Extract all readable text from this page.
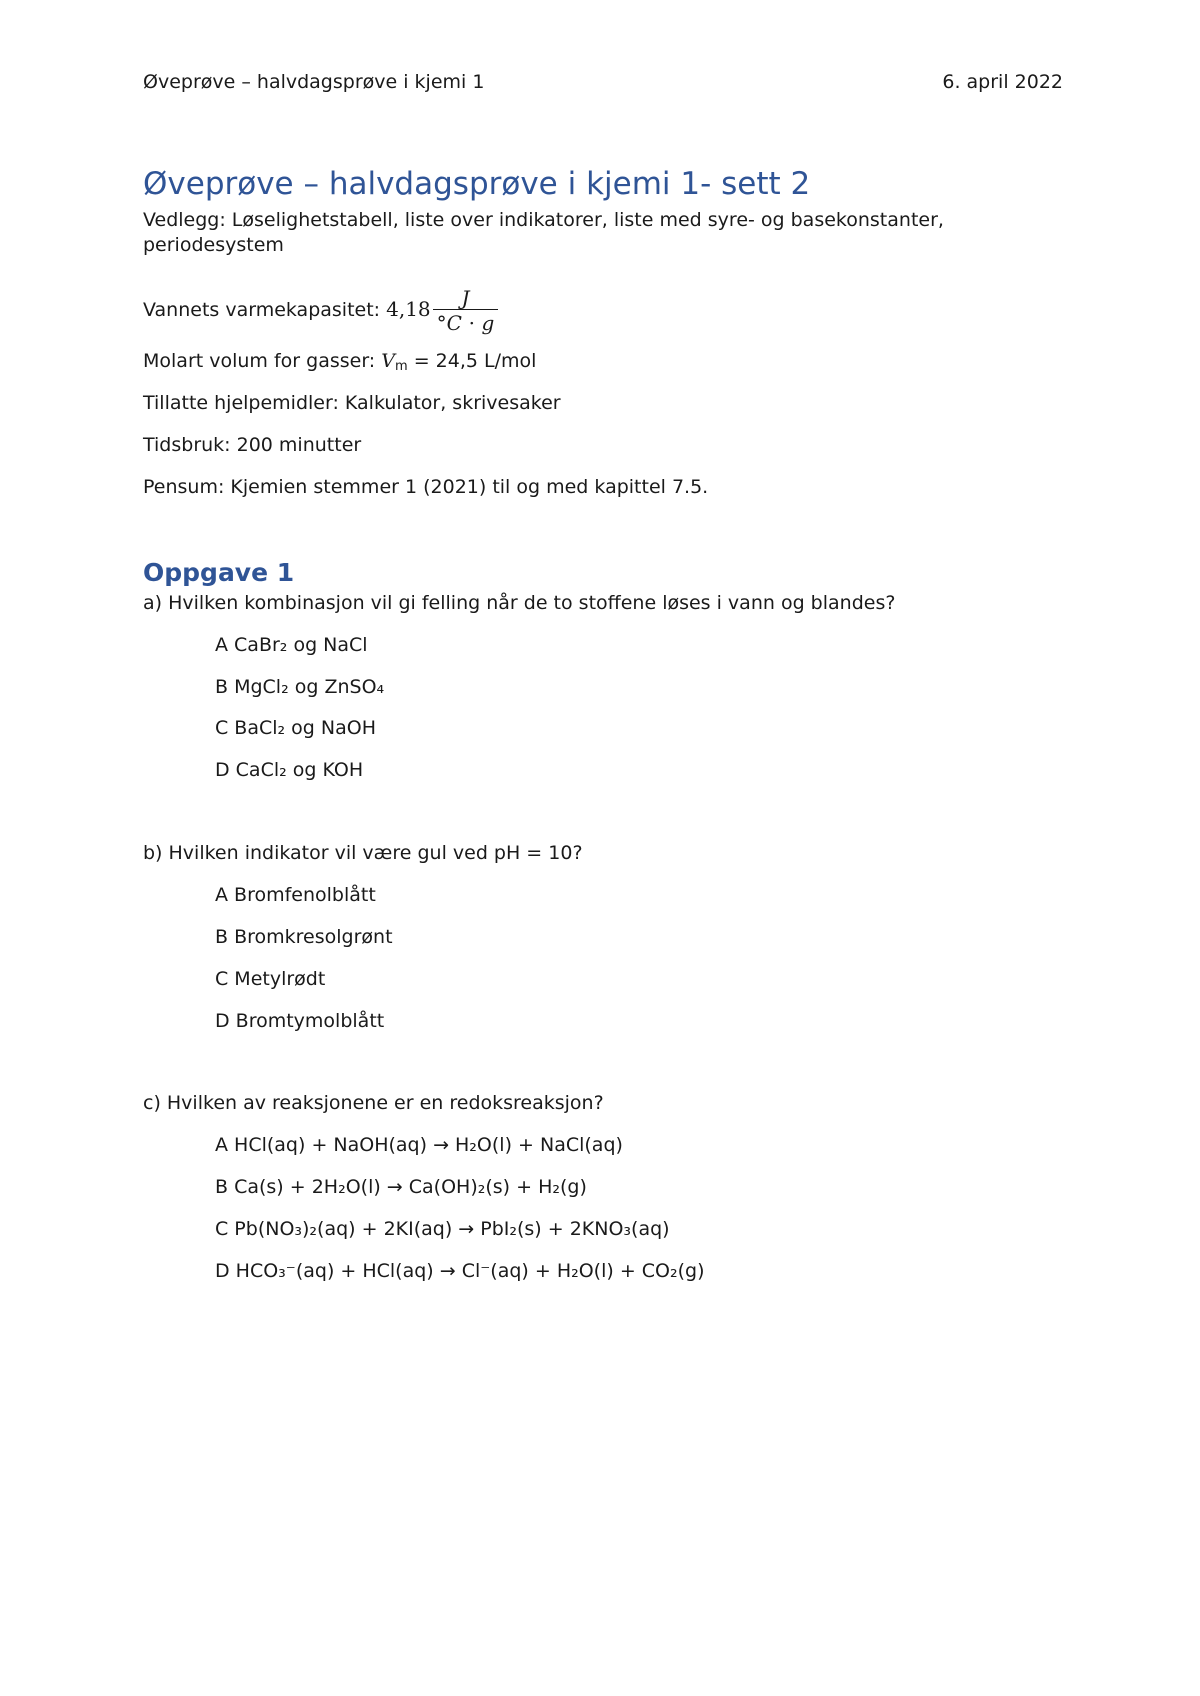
Øveprøve – halvdagsprøve i kjemi 1	6. april 2022
Øveprøve – halvdagsprøve i kjemi 1- sett 2
Vedlegg: Løselighetstabell, liste over indikatorer, liste med syre- og basekonstanter, periodesystem
Vannets varmekapasitet: $4,18 \frac{J}{^\circ C \cdot g}$
Molart volum for gasser: $V_m = 24,5$ L/mol
Tillatte hjelpemidler: Kalkulator, skrivesaker
Tidsbruk: 200 minutter
Pensum: Kjemien stemmer 1 (2021) til og med kapittel 7.5.
Oppgave 1
a) Hvilken kombinasjon vil gi felling når de to stoffene løses i vann og blandes?
A CaBr₂ og NaCl
B MgCl₂ og ZnSO₄
C BaCl₂ og NaOH
D CaCl₂ og KOH
b) Hvilken indikator vil være gul ved pH = 10?
A Bromfenolblått
B Bromkresolgrønt
C Metylrødt
D Bromtymolblått
c) Hvilken av reaksjonene er en redoksreaksjon?
A HCl(aq) + NaOH(aq) → H₂O(l) + NaCl(aq)
B Ca(s) + 2H₂O(l) → Ca(OH)₂(s) + H₂(g)
C Pb(NO₃)₂(aq) + 2KI(aq) → PbI₂(s) + 2KNO₃(aq)
D HCO₃⁻(aq) + HCl(aq) → Cl⁻(aq) + H₂O(l) + CO₂(g)
